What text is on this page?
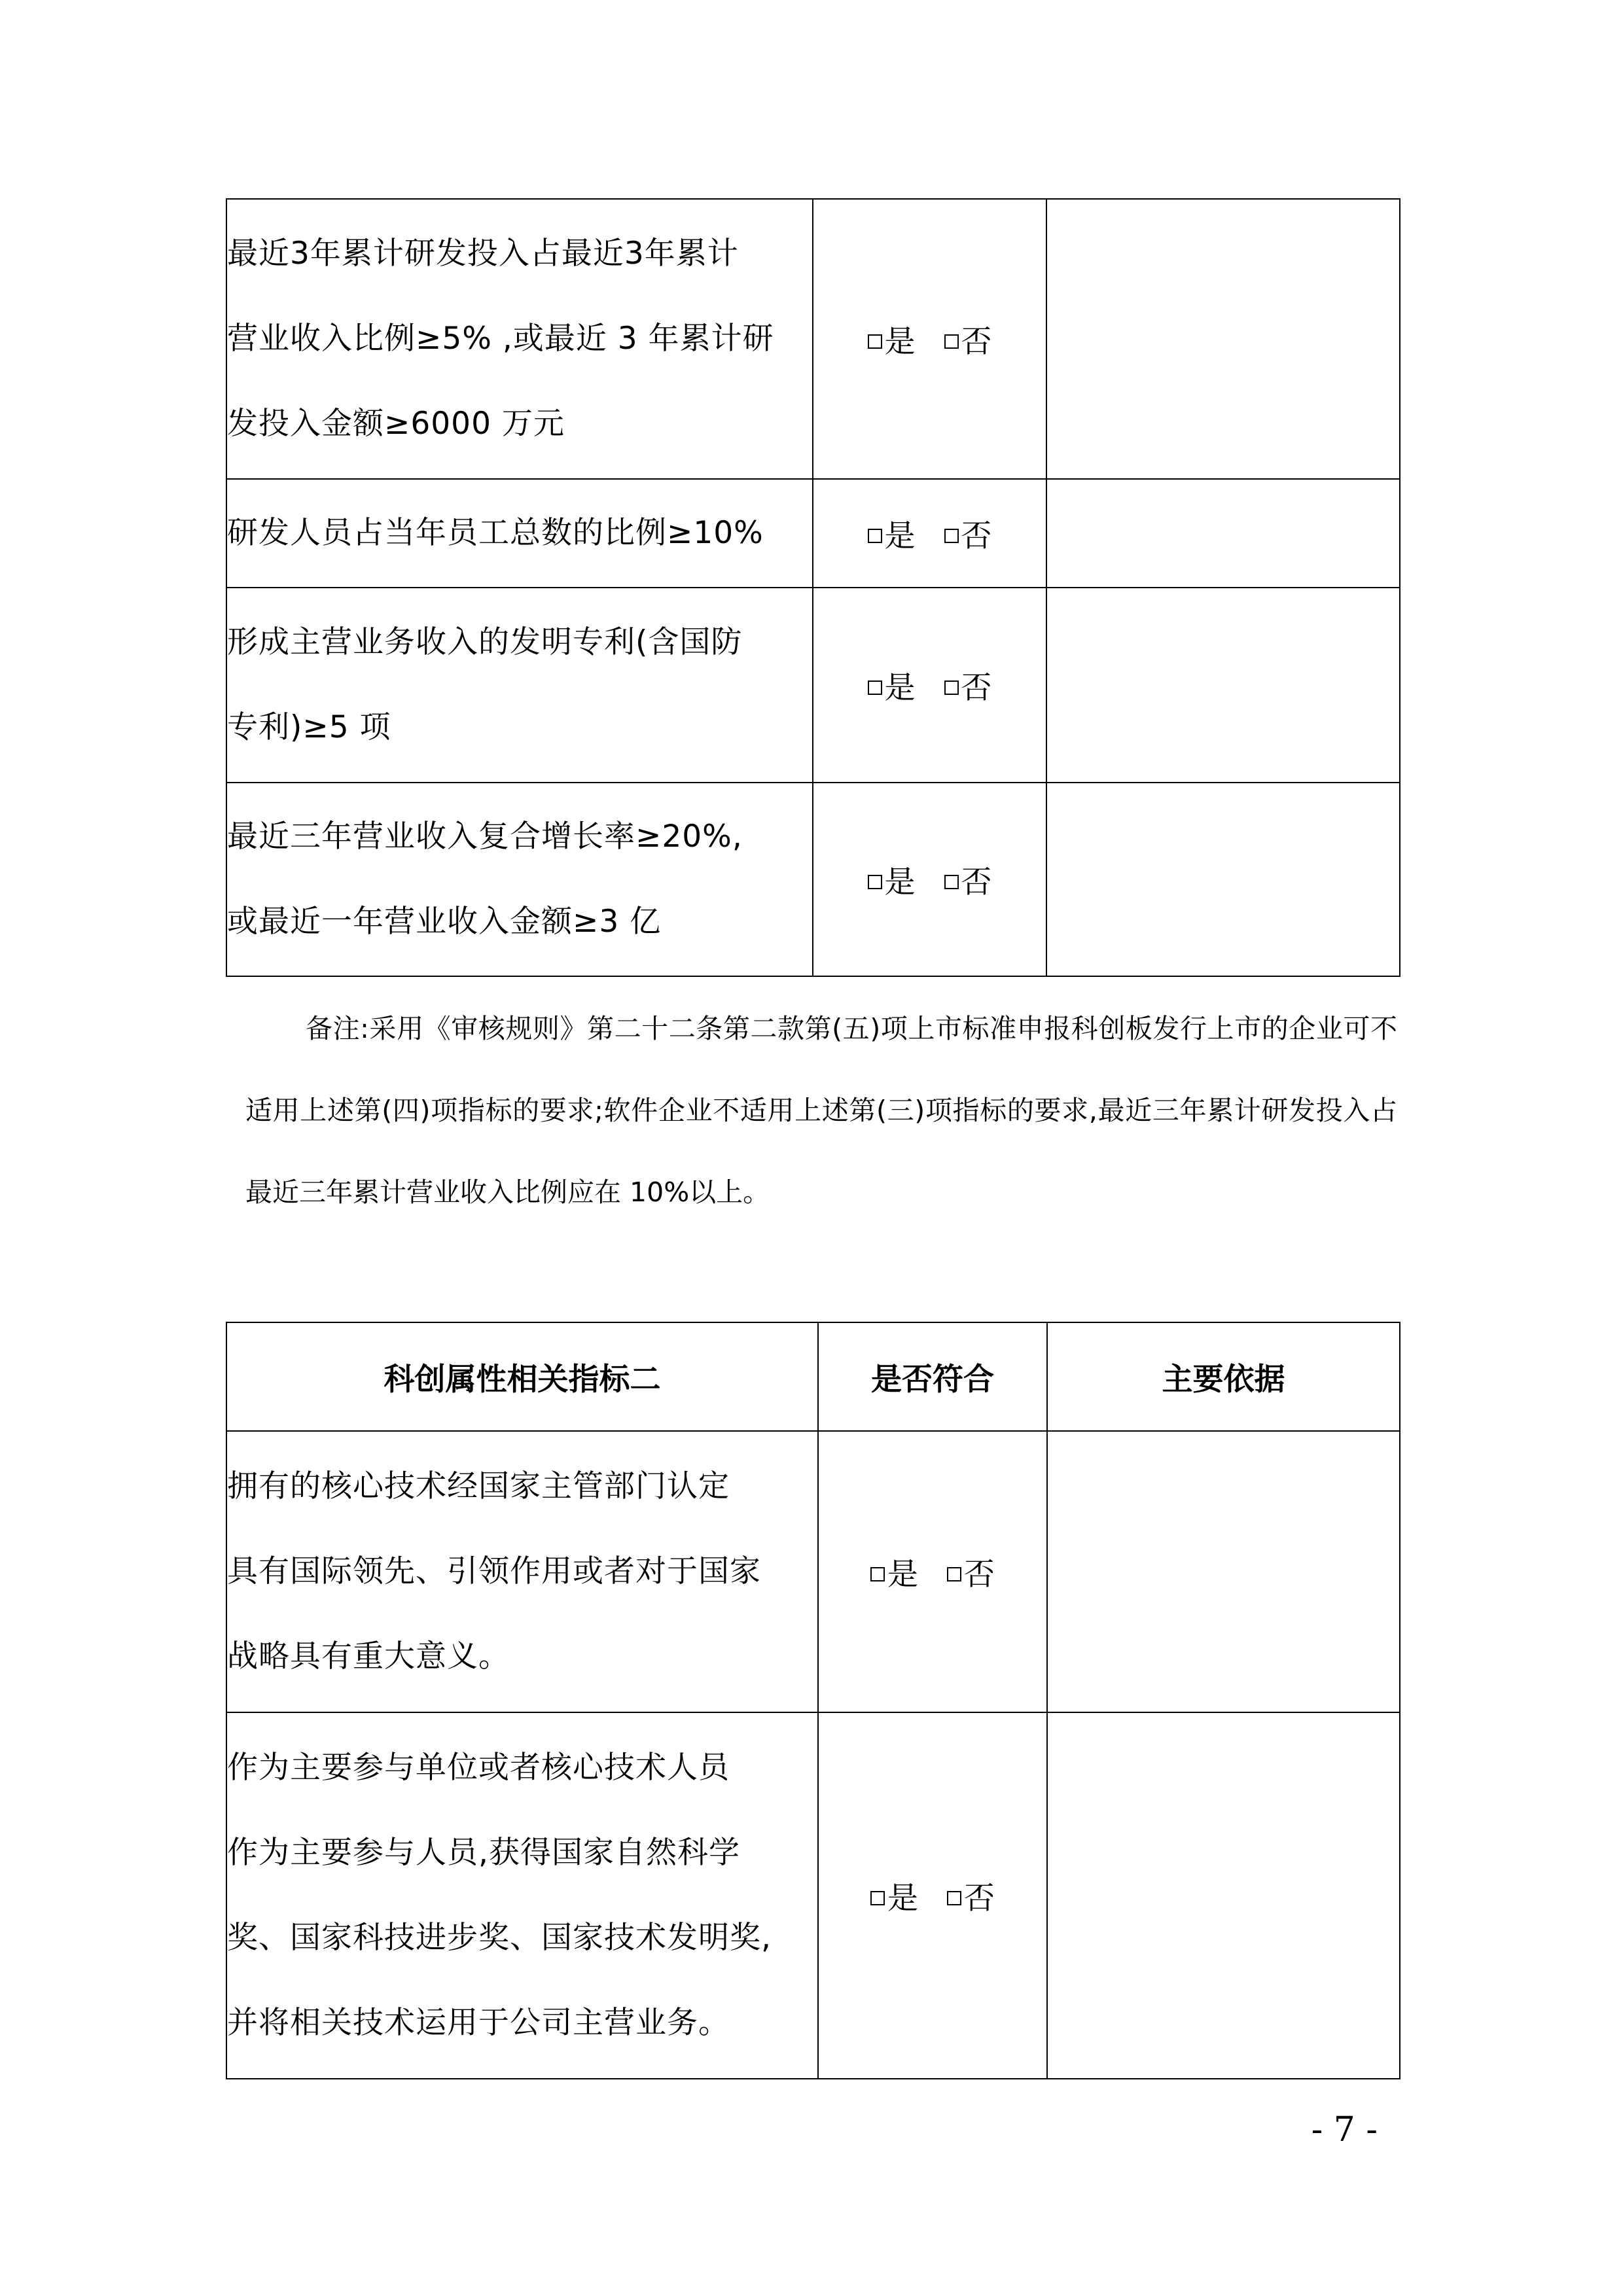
最近3年累计研发投入占最近3年累计
营业收入比例≥5% ,或最近 3 年累计研
发投入金额≥6000 万元	是 否	

研发人员占当年员工总数的比例≥10%	是 否	

形成主营业务收入的发明专利(含国防
专利)≥5 项	是 否	

最近三年营业收入复合增长率≥20%,
或最近一年营业收入金额≥3 亿	是 否	
备注:采用《审核规则》第二十二条第二款第(五)项上市标准申报科创板发行上市的企业可不适用上述第(四)项指标的要求;软件企业不适用上述第(三)项指标的要求,最近三年累计研发投入占最近三年累计营业收入比例应在 10%以上。
科创属性相关指标二	是否符合	主要依据

拥有的核心技术经国家主管部门认定
具有国际领先、引领作用或者对于国家
战略具有重大意义。	是 否	

作为主要参与单位或者核心技术人员
作为主要参与人员,获得国家自然科学
奖、国家科技进步奖、国家技术发明奖,
并将相关技术运用于公司主营业务。	是 否	
- 7 -
